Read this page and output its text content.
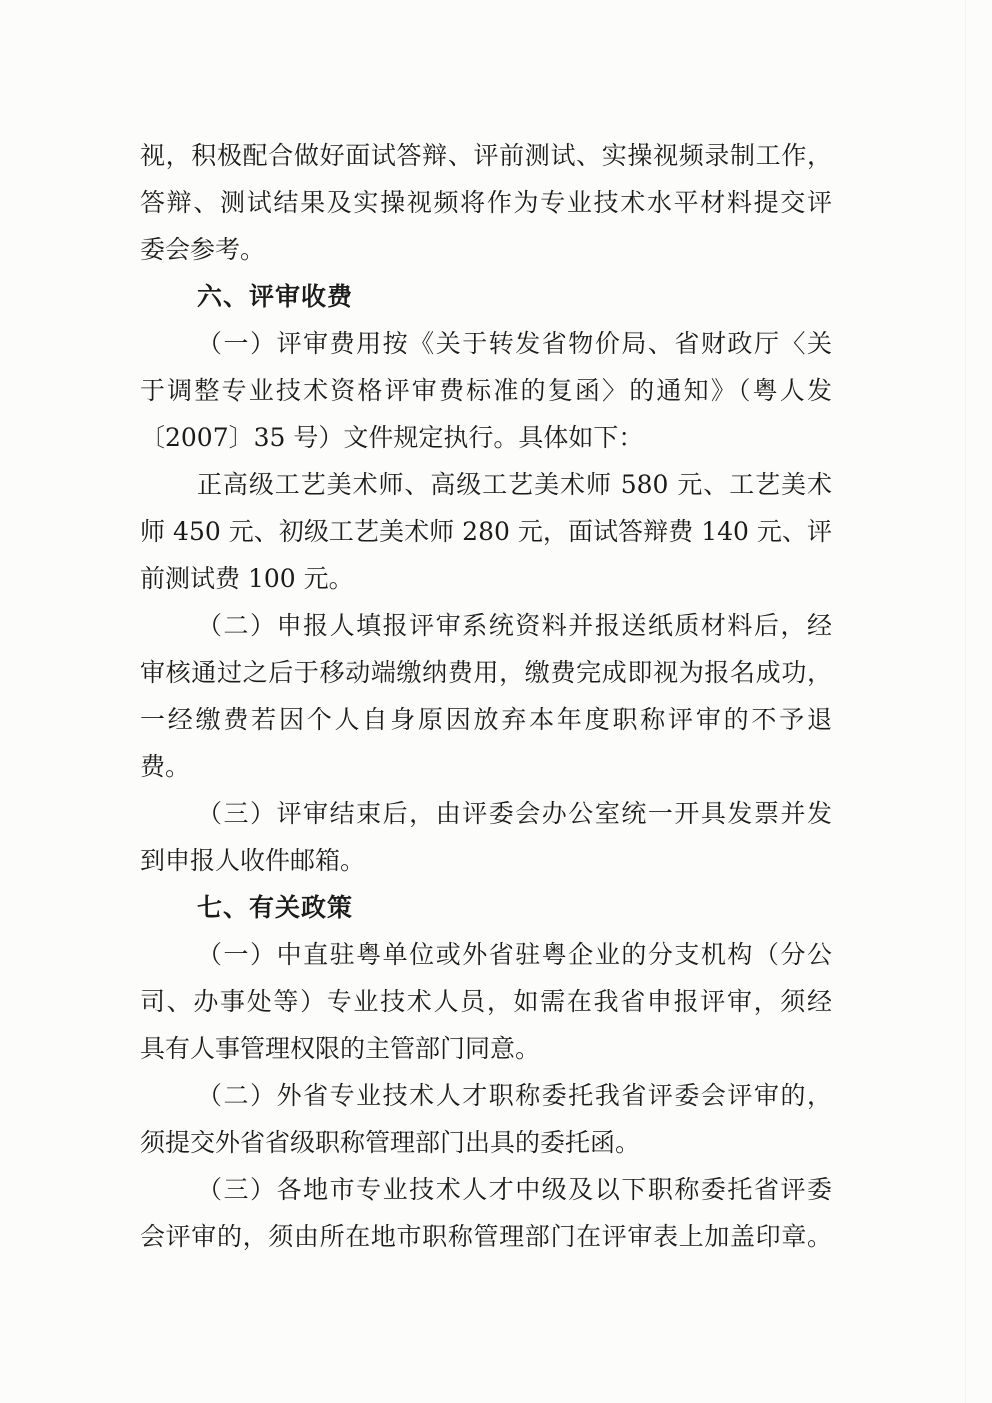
视，积极配合做好面试答辩、评前测试、实操视频录制工作，
答辩、测试结果及实操视频将作为专业技术水平材料提交评
委会参考。
六、评审收费
（一）评审费用按《关于转发省物价局、省财政厅〈关
于调整专业技术资格评审费标准的复函〉的通知》（粤人发
〔2007〕35 号）文件规定执行。具体如下：
正高级工艺美术师、高级工艺美术师 580 元、工艺美术
师 450 元、初级工艺美术师 280 元，面试答辩费 140 元、评
前测试费 100 元。
（二）申报人填报评审系统资料并报送纸质材料后，经
审核通过之后于移动端缴纳费用，缴费完成即视为报名成功，
一经缴费若因个人自身原因放弃本年度职称评审的不予退
费。
（三）评审结束后，由评委会办公室统一开具发票并发
到申报人收件邮箱。
七、有关政策
（一）中直驻粤单位或外省驻粤企业的分支机构（分公
司、办事处等）专业技术人员，如需在我省申报评审，须经
具有人事管理权限的主管部门同意。
（二）外省专业技术人才职称委托我省评委会评审的，
须提交外省省级职称管理部门出具的委托函。
（三）各地市专业技术人才中级及以下职称委托省评委
会评审的，须由所在地市职称管理部门在评审表上加盖印章。
